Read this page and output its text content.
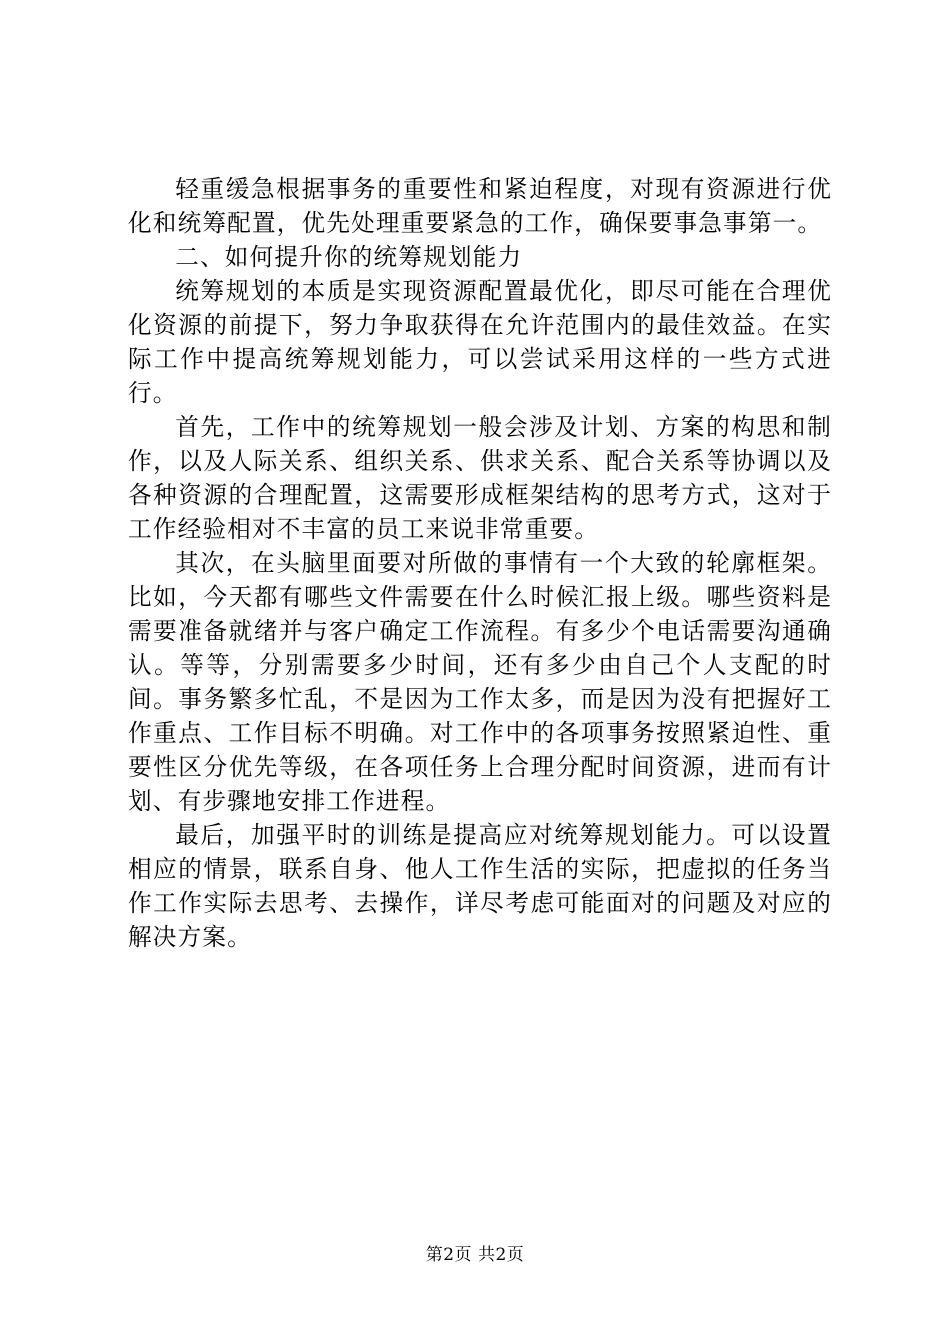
轻重缓急根据事务的重要性和紧迫程度，对现有资源进行优化和统筹配置，优先处理重要紧急的工作，确保要事急事第一。

二、如何提升你的统筹规划能力

统筹规划的本质是实现资源配置最优化，即尽可能在合理优化资源的前提下，努力争取获得在允许范围内的最佳效益。在实际工作中提高统筹规划能力，可以尝试采用这样的一些方式进行。

首先，工作中的统筹规划一般会涉及计划、方案的构思和制作，以及人际关系、组织关系、供求关系、配合关系等协调以及各种资源的合理配置，这需要形成框架结构的思考方式，这对于工作经验相对不丰富的员工来说非常重要。

其次，在头脑里面要对所做的事情有一个大致的轮廓框架。比如，今天都有哪些文件需要在什么时候汇报上级。哪些资料是需要准备就绪并与客户确定工作流程。有多少个电话需要沟通确认。等等，分别需要多少时间，还有多少由自己个人支配的时间。事务繁多忙乱，不是因为工作太多，而是因为没有把握好工作重点、工作目标不明确。对工作中的各项事务按照紧迫性、重要性区分优先等级，在各项任务上合理分配时间资源，进而有计划、有步骤地安排工作进程。

最后，加强平时的训练是提高应对统筹规划能力。可以设置相应的情景，联系自身、他人工作生活的实际，把虚拟的任务当作工作实际去思考、去操作，详尽考虑可能面对的问题及对应的解决方案。

第2页 共2页
